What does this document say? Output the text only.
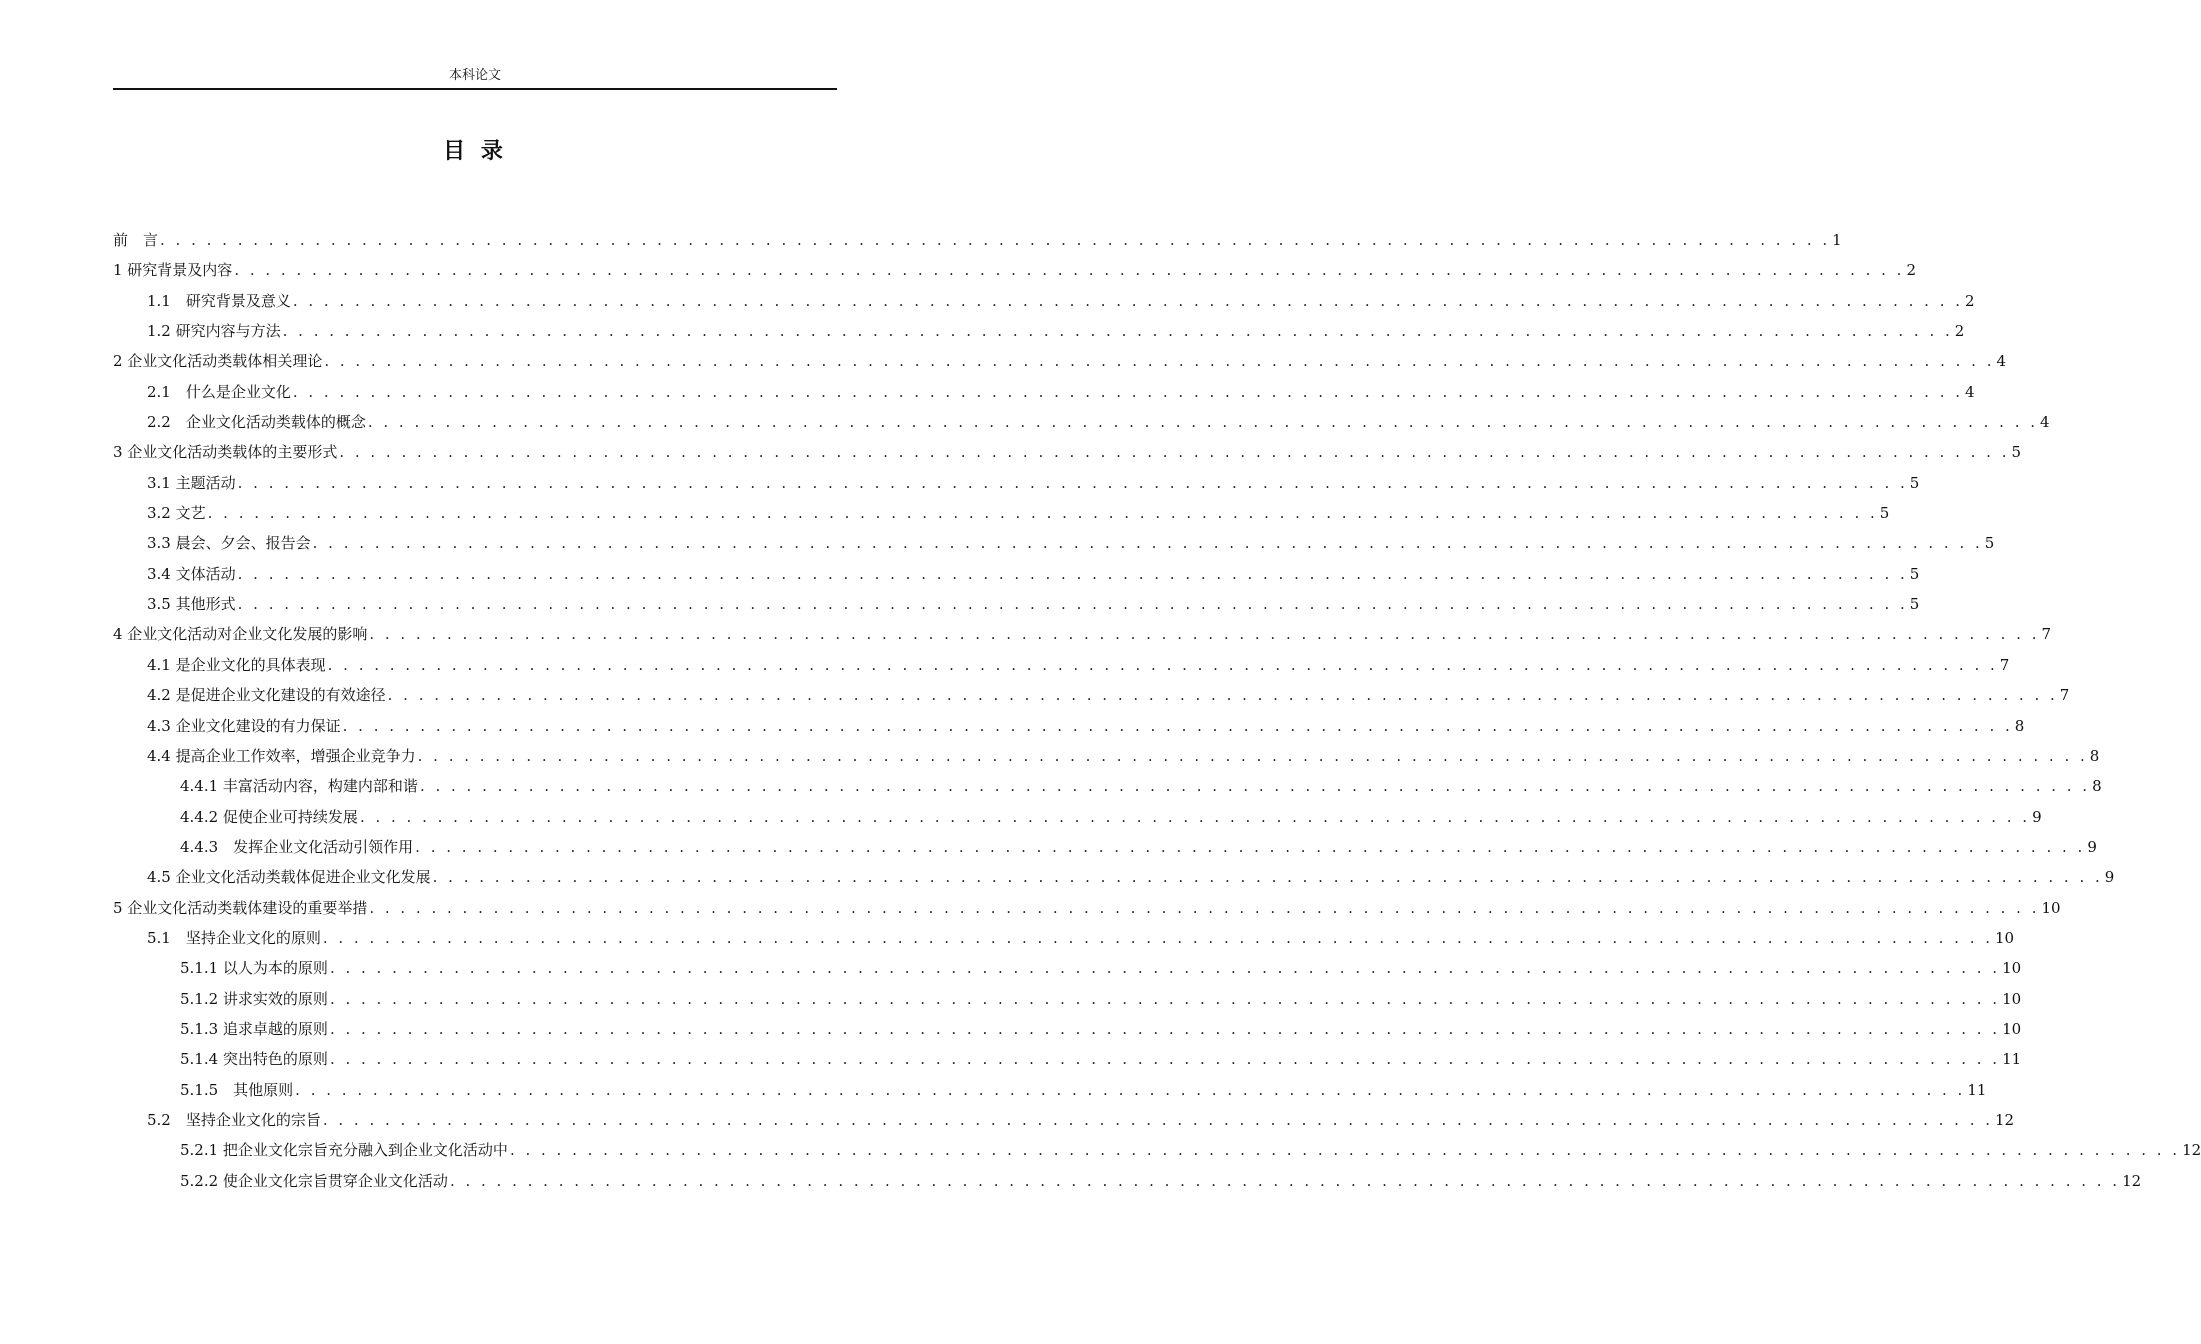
本科论文
目 录
前　言 . . . . . . . . . . . . . . . . . . . . . . . . . . . . . . . . . . . . . . . . . . . . . . . . . . . . . . . . . . . . . . . . . . . . . . . . . . . . . . . . . . . . . . . . . . . . . . . . . . . . . . . . . . . . 1
1 研究背景及内容 . . . . . . . . . . . . . . . . . . . . . . . . . . . . . . . . . . . . . . . . . . . . . . . . . . . . . . . . . . . . . . . . . . . . . . . . . . . . . . . . . . . . . . . . . . . . . . . . . . . . . . . . . . . . 2
1.1　研究背景及意义 . . . . . . . . . . . . . . . . . . . . . . . . . . . . . . . . . . . . . . . . . . . . . . . . . . . . . . . . . . . . . . . . . . . . . . . . . . . . . . . . . . . . . . . . . . . . . . . . . . . . . . . . . . . . 2
1.2 研究内容与方法 . . . . . . . . . . . . . . . . . . . . . . . . . . . . . . . . . . . . . . . . . . . . . . . . . . . . . . . . . . . . . . . . . . . . . . . . . . . . . . . . . . . . . . . . . . . . . . . . . . . . . . . . . . . . 2
2 企业文化活动类载体相关理论 . . . . . . . . . . . . . . . . . . . . . . . . . . . . . . . . . . . . . . . . . . . . . . . . . . . . . . . . . . . . . . . . . . . . . . . . . . . . . . . . . . . . . . . . . . . . . . . . . . . . . . . . . . . . 4
2.1　什么是企业文化 . . . . . . . . . . . . . . . . . . . . . . . . . . . . . . . . . . . . . . . . . . . . . . . . . . . . . . . . . . . . . . . . . . . . . . . . . . . . . . . . . . . . . . . . . . . . . . . . . . . . . . . . . . . . 4
2.2　企业文化活动类载体的概念 . . . . . . . . . . . . . . . . . . . . . . . . . . . . . . . . . . . . . . . . . . . . . . . . . . . . . . . . . . . . . . . . . . . . . . . . . . . . . . . . . . . . . . . . . . . . . . . . . . . . . . . . . . . . 4
3 企业文化活动类载体的主要形式 . . . . . . . . . . . . . . . . . . . . . . . . . . . . . . . . . . . . . . . . . . . . . . . . . . . . . . . . . . . . . . . . . . . . . . . . . . . . . . . . . . . . . . . . . . . . . . . . . . . . . . . . . . . . 5
3.1 主题活动 . . . . . . . . . . . . . . . . . . . . . . . . . . . . . . . . . . . . . . . . . . . . . . . . . . . . . . . . . . . . . . . . . . . . . . . . . . . . . . . . . . . . . . . . . . . . . . . . . . . . . . . . . . . . 5
3.2 文艺 . . . . . . . . . . . . . . . . . . . . . . . . . . . . . . . . . . . . . . . . . . . . . . . . . . . . . . . . . . . . . . . . . . . . . . . . . . . . . . . . . . . . . . . . . . . . . . . . . . . . . . . . . . . . 5
3.3 晨会、夕会、报告会 . . . . . . . . . . . . . . . . . . . . . . . . . . . . . . . . . . . . . . . . . . . . . . . . . . . . . . . . . . . . . . . . . . . . . . . . . . . . . . . . . . . . . . . . . . . . . . . . . . . . . . . . . . . . 5
3.4 文体活动 . . . . . . . . . . . . . . . . . . . . . . . . . . . . . . . . . . . . . . . . . . . . . . . . . . . . . . . . . . . . . . . . . . . . . . . . . . . . . . . . . . . . . . . . . . . . . . . . . . . . . . . . . . . . 5
3.5 其他形式 . . . . . . . . . . . . . . . . . . . . . . . . . . . . . . . . . . . . . . . . . . . . . . . . . . . . . . . . . . . . . . . . . . . . . . . . . . . . . . . . . . . . . . . . . . . . . . . . . . . . . . . . . . . . 5
4 企业文化活动对企业文化发展的影响 . . . . . . . . . . . . . . . . . . . . . . . . . . . . . . . . . . . . . . . . . . . . . . . . . . . . . . . . . . . . . . . . . . . . . . . . . . . . . . . . . . . . . . . . . . . . . . . . . . . . . . . . . . . . 7
4.1 是企业文化的具体表现 . . . . . . . . . . . . . . . . . . . . . . . . . . . . . . . . . . . . . . . . . . . . . . . . . . . . . . . . . . . . . . . . . . . . . . . . . . . . . . . . . . . . . . . . . . . . . . . . . . . . . . . . . . . . 7
4.2 是促进企业文化建设的有效途径 . . . . . . . . . . . . . . . . . . . . . . . . . . . . . . . . . . . . . . . . . . . . . . . . . . . . . . . . . . . . . . . . . . . . . . . . . . . . . . . . . . . . . . . . . . . . . . . . . . . . . . . . . . . . 7
4.3 企业文化建设的有力保证 . . . . . . . . . . . . . . . . . . . . . . . . . . . . . . . . . . . . . . . . . . . . . . . . . . . . . . . . . . . . . . . . . . . . . . . . . . . . . . . . . . . . . . . . . . . . . . . . . . . . . . . . . . . . 8
4.4 提高企业工作效率，增强企业竞争力 . . . . . . . . . . . . . . . . . . . . . . . . . . . . . . . . . . . . . . . . . . . . . . . . . . . . . . . . . . . . . . . . . . . . . . . . . . . . . . . . . . . . . . . . . . . . . . . . . . . . . . . . . . . . 8
4.4.1 丰富活动内容，构建内部和谐 . . . . . . . . . . . . . . . . . . . . . . . . . . . . . . . . . . . . . . . . . . . . . . . . . . . . . . . . . . . . . . . . . . . . . . . . . . . . . . . . . . . . . . . . . . . . . . . . . . . . . . . . . . . . 8
4.4.2 促使企业可持续发展 . . . . . . . . . . . . . . . . . . . . . . . . . . . . . . . . . . . . . . . . . . . . . . . . . . . . . . . . . . . . . . . . . . . . . . . . . . . . . . . . . . . . . . . . . . . . . . . . . . . . . . . . . . . . 9
4.4.3　发挥企业文化活动引领作用 . . . . . . . . . . . . . . . . . . . . . . . . . . . . . . . . . . . . . . . . . . . . . . . . . . . . . . . . . . . . . . . . . . . . . . . . . . . . . . . . . . . . . . . . . . . . . . . . . . . . . . . . . . . . 9
4.5 企业文化活动类载体促进企业文化发展 . . . . . . . . . . . . . . . . . . . . . . . . . . . . . . . . . . . . . . . . . . . . . . . . . . . . . . . . . . . . . . . . . . . . . . . . . . . . . . . . . . . . . . . . . . . . . . . . . . . . . . . . . . . . 9
5 企业文化活动类载体建设的重要举措 . . . . . . . . . . . . . . . . . . . . . . . . . . . . . . . . . . . . . . . . . . . . . . . . . . . . . . . . . . . . . . . . . . . . . . . . . . . . . . . . . . . . . . . . . . . . . . . . . . . . . . . . . . . . 10
5.1　坚持企业文化的原则 . . . . . . . . . . . . . . . . . . . . . . . . . . . . . . . . . . . . . . . . . . . . . . . . . . . . . . . . . . . . . . . . . . . . . . . . . . . . . . . . . . . . . . . . . . . . . . . . . . . . . . . . . . . . 10
5.1.1 以人为本的原则 . . . . . . . . . . . . . . . . . . . . . . . . . . . . . . . . . . . . . . . . . . . . . . . . . . . . . . . . . . . . . . . . . . . . . . . . . . . . . . . . . . . . . . . . . . . . . . . . . . . . . . . . . . . . 10
5.1.2 讲求实效的原则 . . . . . . . . . . . . . . . . . . . . . . . . . . . . . . . . . . . . . . . . . . . . . . . . . . . . . . . . . . . . . . . . . . . . . . . . . . . . . . . . . . . . . . . . . . . . . . . . . . . . . . . . . . . . 10
5.1.3 追求卓越的原则 . . . . . . . . . . . . . . . . . . . . . . . . . . . . . . . . . . . . . . . . . . . . . . . . . . . . . . . . . . . . . . . . . . . . . . . . . . . . . . . . . . . . . . . . . . . . . . . . . . . . . . . . . . . . 10
5.1.4 突出特色的原则 . . . . . . . . . . . . . . . . . . . . . . . . . . . . . . . . . . . . . . . . . . . . . . . . . . . . . . . . . . . . . . . . . . . . . . . . . . . . . . . . . . . . . . . . . . . . . . . . . . . . . . . . . . . . 11
5.1.5　其他原则 . . . . . . . . . . . . . . . . . . . . . . . . . . . . . . . . . . . . . . . . . . . . . . . . . . . . . . . . . . . . . . . . . . . . . . . . . . . . . . . . . . . . . . . . . . . . . . . . . . . . . . . . . . . . 11
5.2　坚持企业文化的宗旨 . . . . . . . . . . . . . . . . . . . . . . . . . . . . . . . . . . . . . . . . . . . . . . . . . . . . . . . . . . . . . . . . . . . . . . . . . . . . . . . . . . . . . . . . . . . . . . . . . . . . . . . . . . . . 12
5.2.1 把企业文化宗旨充分融入到企业文化活动中 . . . . . . . . . . . . . . . . . . . . . . . . . . . . . . . . . . . . . . . . . . . . . . . . . . . . . . . . . . . . . . . . . . . . . . . . . . . . . . . . . . . . . . . . . . . . . . . . . . . . . . . . . . . . 12
5.2.2 使企业文化宗旨贯穿企业文化活动 . . . . . . . . . . . . . . . . . . . . . . . . . . . . . . . . . . . . . . . . . . . . . . . . . . . . . . . . . . . . . . . . . . . . . . . . . . . . . . . . . . . . . . . . . . . . . . . . . . . . . . . . . . . . 12
